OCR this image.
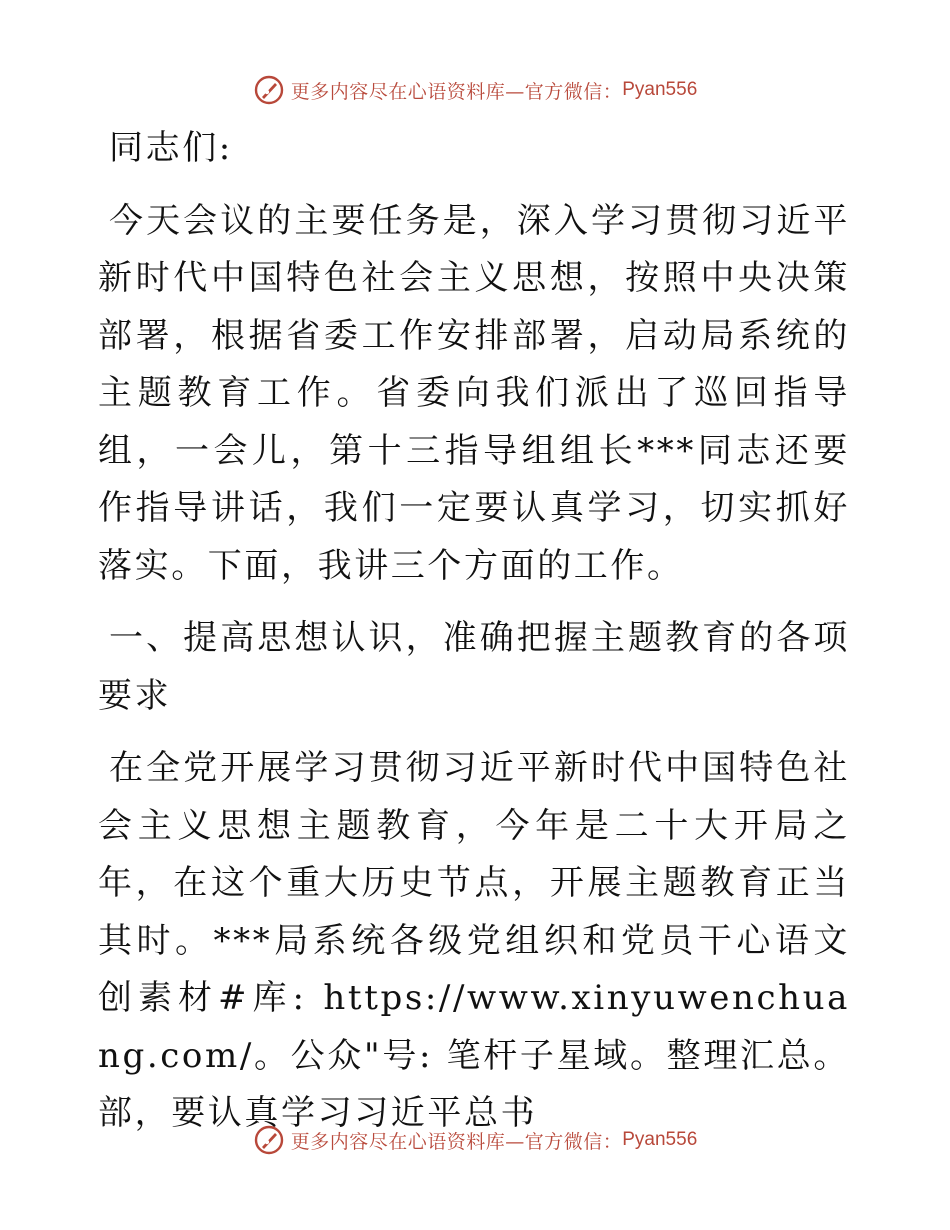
更多内容尽在心语资料库—官方微信： Pyan556

同志们:

今天会议的主要任务是，深入学习贯彻习近平新时代中国特色社会主义思想，按照中央决策部署，根据省委工作安排部署，启动局系统的主题教育工作。省委向我们派出了巡回指导组，一会儿，第十三指导组组长***同志还要作指导讲话，我们一定要认真学习，切实抓好落实。下面，我讲三个方面的工作。

一、提高思想认识，准确把握主题教育的各项要求

在全党开展学习贯彻习近平新时代中国特色社会主义思想主题教育，今年是二十大开局之年，在这个重大历史节点，开展主题教育正当其时。***局系统各级党组织和党员干心语文创素材#库: https://www.xinyuwenchuang.com/。公众"号: 笔杆子星域。整理汇总。部，要认真学习习近平总书

更多内容尽在心语资料库—官方微信： Pyan556
